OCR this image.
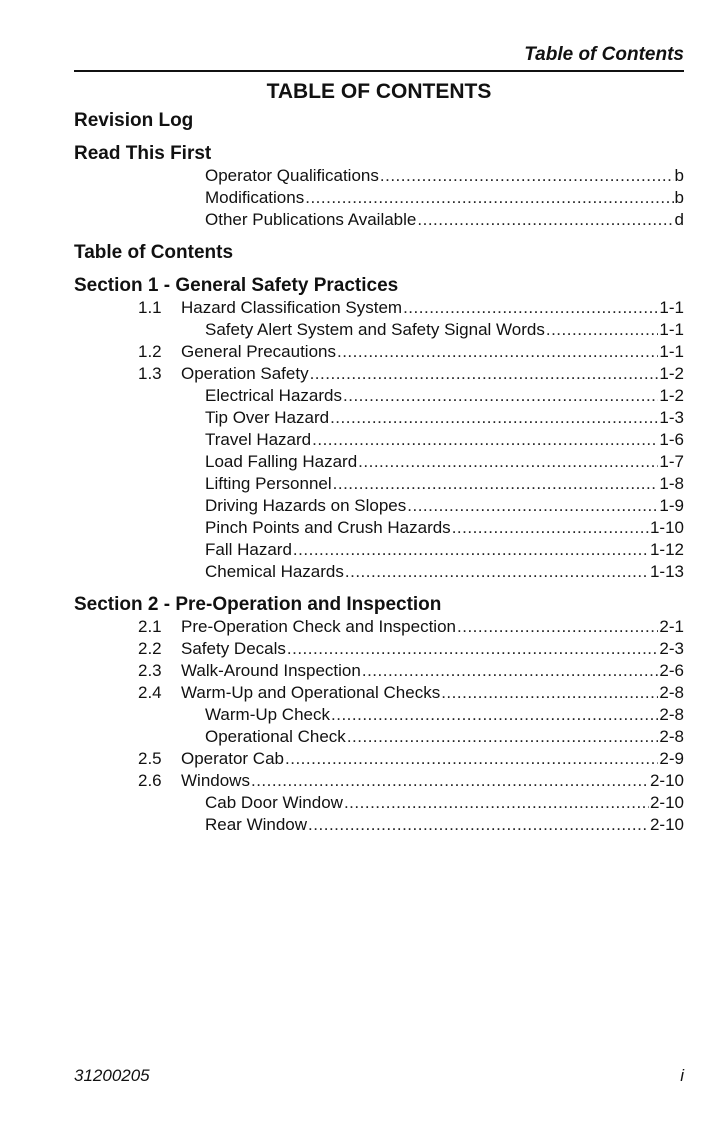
Table of Contents
TABLE OF CONTENTS
Revision Log
Read This First
Operator Qualifications .....	b
Modifications .....	b
Other Publications Available .....	d
Table of Contents
Section 1 - General Safety Practices
1.1	Hazard Classification System .....	1-1
Safety Alert System and Safety Signal Words .....	1-1
1.2	General Precautions .....	1-1
1.3	Operation Safety .....	1-2
Electrical Hazards .....	1-2
Tip Over Hazard .....	1-3
Travel Hazard .....	1-6
Load Falling Hazard .....	1-7
Lifting Personnel .....	1-8
Driving Hazards on Slopes .....	1-9
Pinch Points and Crush Hazards .....	1-10
Fall Hazard .....	1-12
Chemical Hazards .....	1-13
Section 2 - Pre-Operation and Inspection
2.1	Pre-Operation Check and Inspection .....	2-1
2.2	Safety Decals .....	2-3
2.3	Walk-Around Inspection .....	2-6
2.4	Warm-Up and Operational Checks .....	2-8
Warm-Up Check .....	2-8
Operational Check .....	2-8
2.5	Operator Cab .....	2-9
2.6	Windows .....	2-10
Cab Door Window .....	2-10
Rear Window .....	2-10
31200205	i
